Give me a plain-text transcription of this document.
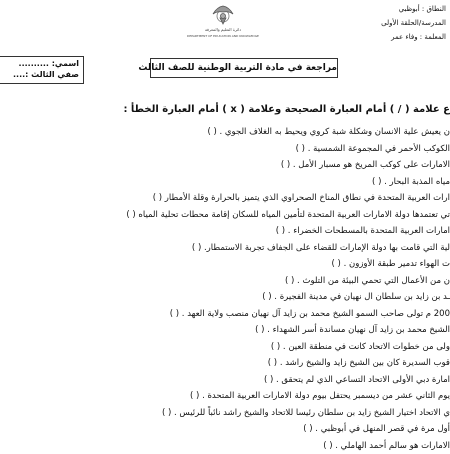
النطاق : أبوظبي
المدرسة/الحلقة الأولى
المعلمة : وفاء عمر
دائرة التعليم والمعرفة
DEPARTMENT OF EDUCATION AND KNOWLEDGE
مراجعة في مادة التربية الوطنية للصف الثالث
اسمي: ..........
صفي الثالث :....
ع علامة ( / ) أمام العبارة الصحيحة وعلامة ( x ) أمام العبارة الخطأ :
ن يعيش علية الانسان وشكلة شبة كروي ويحيط به الغلاف الجوي . ( )
الكوكب الأحمر في المجموعة الشمسية . ( )
الامارات على كوكب المريخ هو مسبار الأمل . ( )
مياه المذبة البحار . ( )
ارات العربية المتحدة في نطاق المناخ الصحراوي الذي يتميز بالحرارة وقلة الأمطار ( )
تي تعتمدها دولة الامارات العربية المتحدة لتأمين المياه للسكان إقامة محطات تحلية المياه ( )
امارات العربية المتحدة بالمسطحات الخضراء . ( )
لية التي قامت بها دولة الإمارات للقضاء على الجفاف تجربة الاستمطار. ( )
ت الهواء تدمير طبقة الأوزون . ( )
ن من الأعمال التي تحمي البيئة من التلوث . ( )
ـد بن زايد بن سلطان ال نهيان في مدينة الفجيرة . ( )
200 م تولى صاحب السمو الشيخ محمد بن زايد آل نهيان منصب ولاية العهد . ( )
الشيخ محمد بن زايد آل نهيان مساندة أسر الشهداء . ( )
ولى من خطوات الاتحاد كانت في منطقة العين . ( )
قوب السديرة كان بين الشيخ زايد والشيخ راشد . ( )
امارة دبي الأولى الاتحاد التساعي الذي لم يتحقق . ( )
يوم الثاني عشر من ديسمبر يحتفل بيوم دولة الامارات العربية المتحدة . ( )
ي الاتحاد اختيار الشيخ زايد بن سلطان رئيسا للاتحاد والشيخ راشد نائباً للرئيس . ( )
أول مرة في قصر المنهل في أبوظبي . ( )
الامارات هو سالم أحمد الهاملي . ( )
